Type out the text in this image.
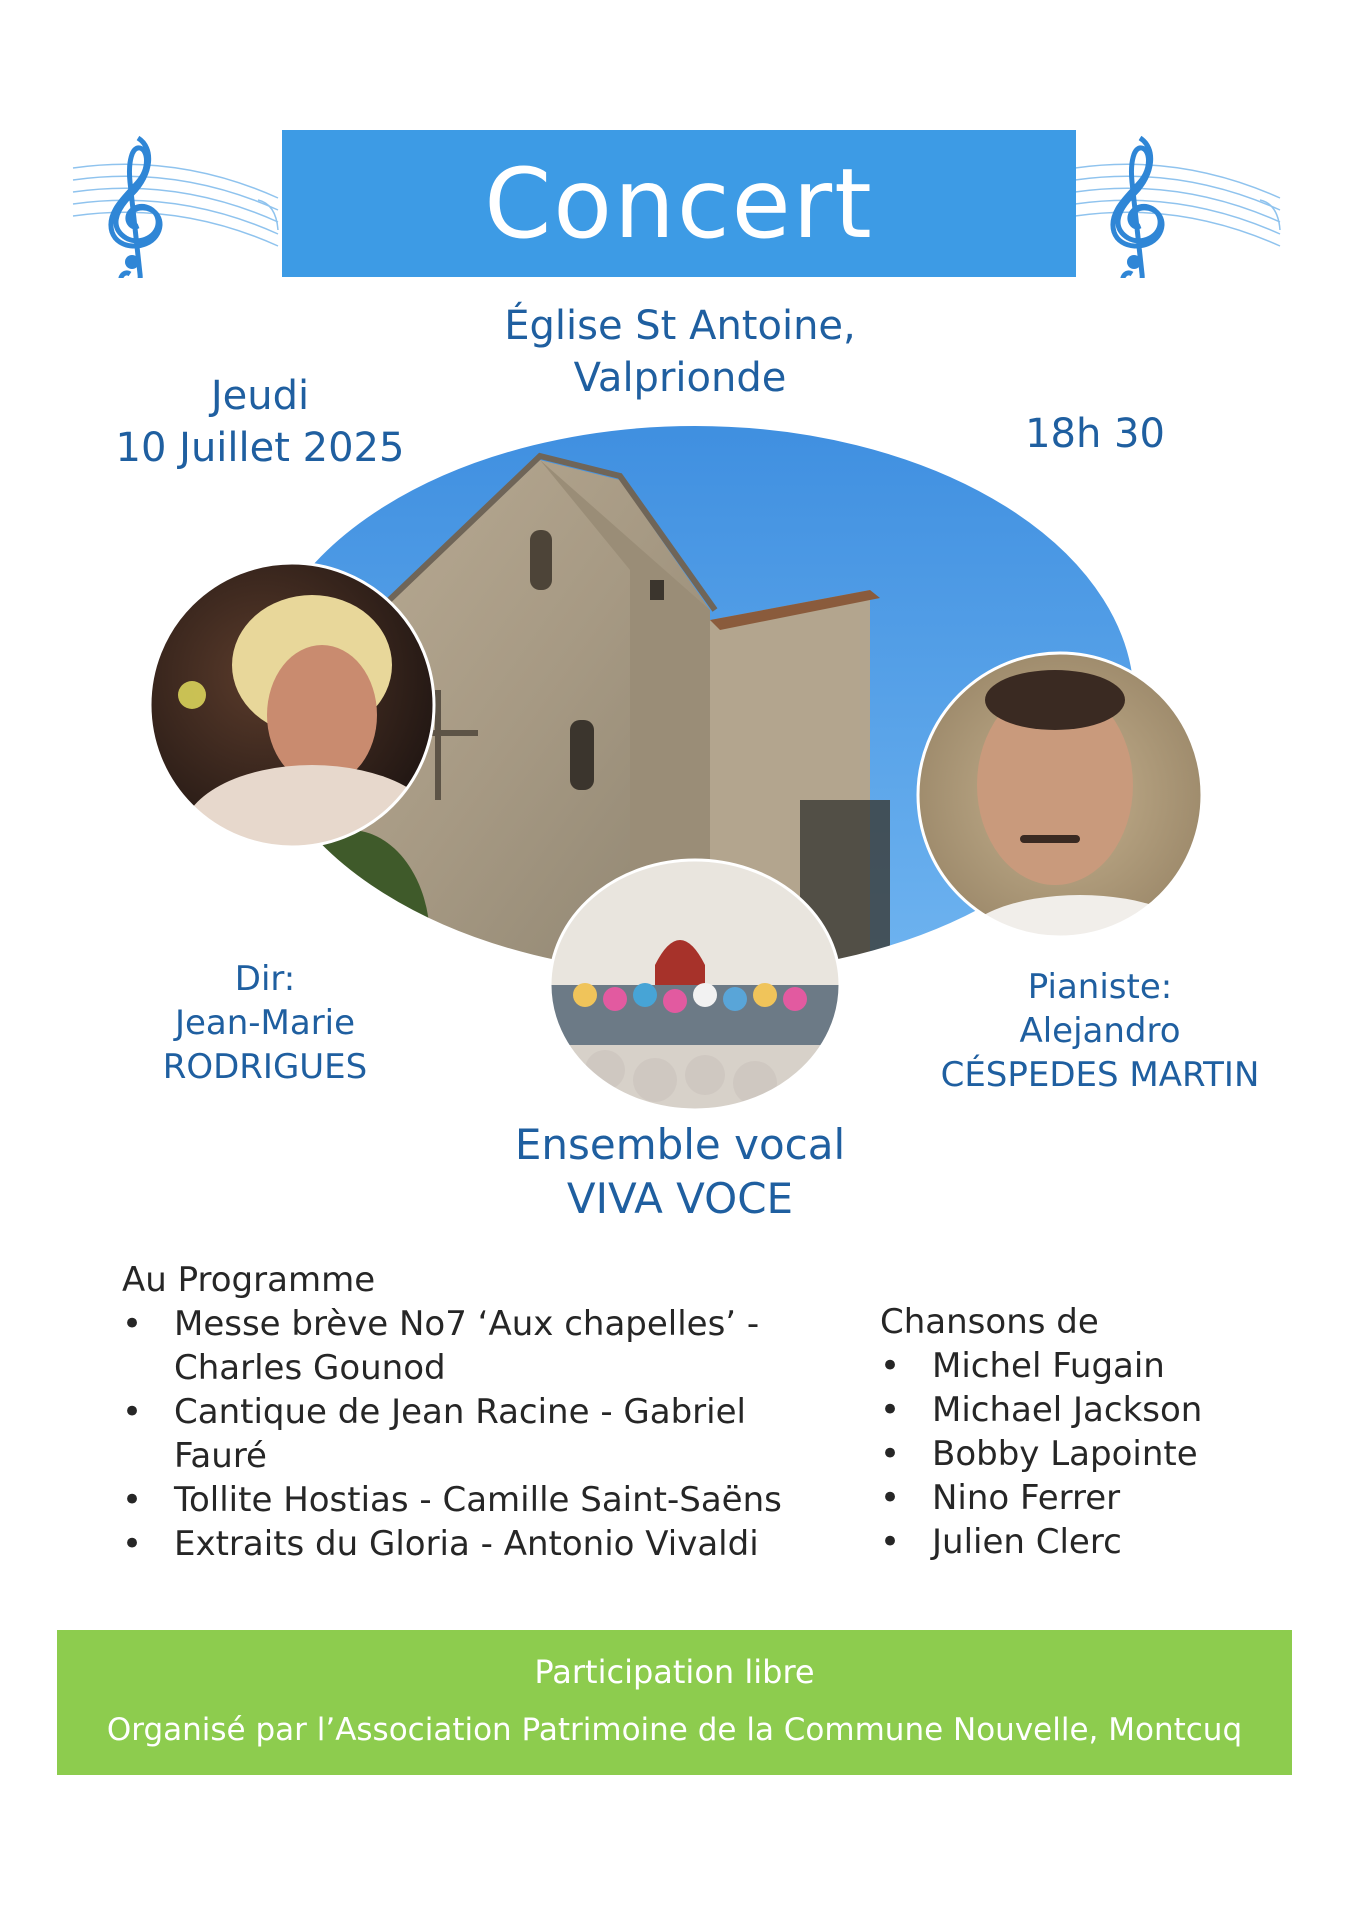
Concert
Église St Antoine,
Valprionde
Jeudi
10 Juillet 2025	18h 30
Dir:
Jean-Marie
RODRIGUES
Pianiste:
Alejandro
CÉSPEDES MARTIN
Ensemble vocal
VIVA VOCE
Au Programme
• Messe brève No7 ‘Aux chapelles’ - Charles Gounod
• Cantique de Jean Racine - Gabriel Fauré
• Tollite Hostias - Camille Saint-Saëns
• Extraits du Gloria - Antonio Vivaldi
Chansons de
• Michel Fugain
• Michael Jackson
• Bobby Lapointe
• Nino Ferrer
• Julien Clerc
Participation libre
Organisé par l’Association Patrimoine de la Commune Nouvelle, Montcuq
